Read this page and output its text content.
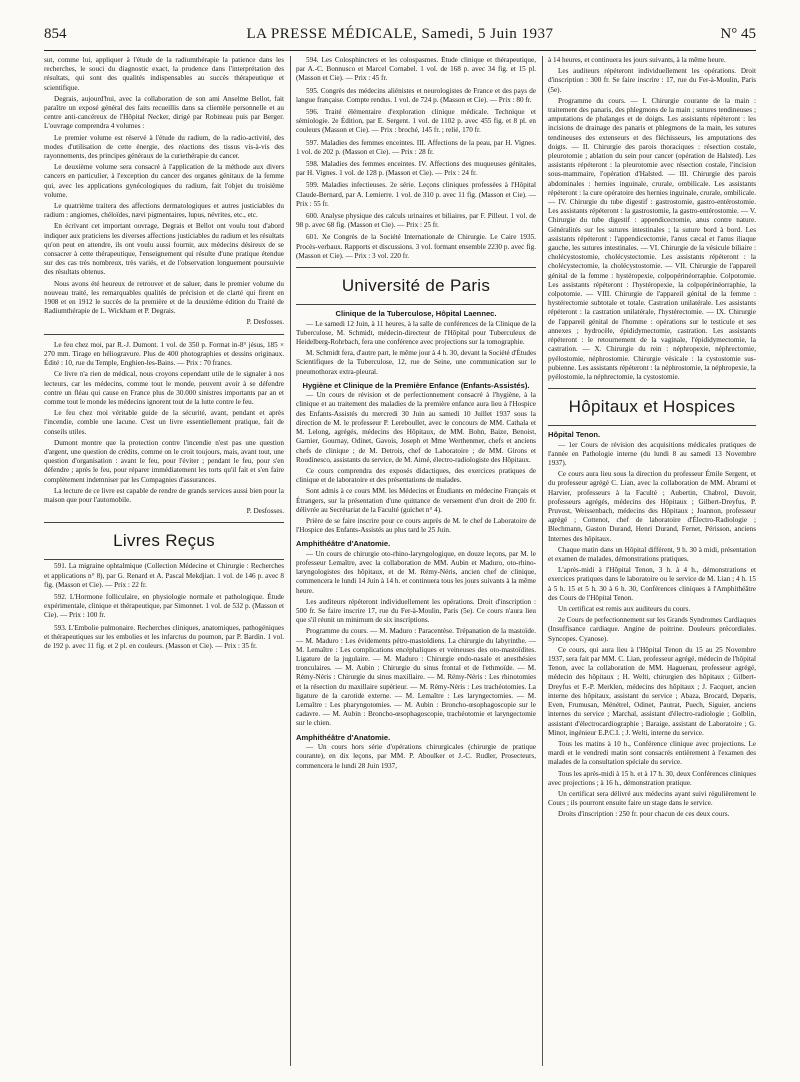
854	LA PRESSE MÉDICALE, Samedi, 5 Juin 1937	N° 45

sut, comme lui, appliquer à l'étude de la radiumthérapie la patience dans les recherches, le souci du diagnostic exact, la prudence dans l'interprétation des résultats, qui sont des qualités indispensables au succès thérapeutique et scientifique.

Degrais, aujourd'hui, avec la collaboration de son ami Anselme Bellot, fait paraître un exposé général des faits recueillis dans sa clientèle personnelle et au centre anti-cancéreux de l'Hôpital Necker, dirigé par Robineau puis par Berger. L'ouvrage comprendra 4 volumes :

Le premier volume est réservé à l'étude du radium, de la radio-activité, des modes d'utilisation de cette énergie, des réactions des tissus vis-à-vis des rayonnements, des principes généraux de la curiethérapie du cancer.

Le deuxième volume sera consacré à l'application de la méthode aux divers cancers en particulier, à l'exception du cancer des organes génitaux de la femme qui, avec les applications gynécologiques du radium, fait l'objet du troisième volume.

Le quatrième traitera des affections dermatologiques et autres justiciables du radium : angiomes, chéloïdes, nævi pigmentaires, lupus, névrites, etc., etc.

En écrivant cet important ouvrage, Degrais et Bellot ont voulu tout d'abord indiquer aux praticiens les diverses affections justiciables du radium et les résultats qu'on peut en attendre, ils ont voulu aussi fournir, aux médecins désireux de se consacrer à cette thérapeutique, l'enseignement qui résulte d'une pratique étendue sur des cas très nombreux, très variés, et de l'observation longuement poursuivie des résultats obtenus.

Nous avons été heureux de retrouver et de saluer, dans le premier volume du nouveau traité, les remarquables qualités de précision et de clarté qui firent en 1908 et en 1912 le succès de la première et de la deuxième édition du Traité de Radiumthérapie de L. Wickham et P. Degrais.

P. Desfosses.

Le feu chez moi, par R.-J. Dumont. 1 vol. de 350 p. Format in-8° jésus, 185 × 270 mm. Tirage en héliogravure. Plus de 400 photographies et dessins originaux. Édité : 10, rue du Temple, Enghien-les-Bains. — Prix : 70 francs.

Ce livre n'a rien de médical, nous croyons cependant utile de le signaler à nos lecteurs, car les médecins, comme tout le monde, peuvent avoir à se défendre contre un fléau qui cause en France plus de 30.000 sinistres importants par an et comme tout le monde les médecins ignorent tout de la lutte contre le feu.

Le feu chez moi véritable guide de la sécurité, avant, pendant et après l'incendie, comble une lacune. C'est un livre essentiellement pratique, fait de conseils utiles.

Dumont montre que la protection contre l'incendie n'est pas une question d'argent, une question de crédits, comme on le croit toujours, mais, avant tout, une question d'organisation : avant le feu, pour l'éviter ; pendant le feu, pour s'en défendre ; après le feu, pour réparer immédiatement les torts qu'il fait et s'en faire complètement indemniser par les Compagnies d'assurances.

La lecture de ce livre est capable de rendre de grands services aussi bien pour la maison que pour l'automobile.

P. Desfosses.

Livres Reçus

591. La migraine ophtalmique (Collection Médecine et Chirurgie : Recherches et applications n° 8), par G. Renard et A. Pascal Mekdjian. 1 vol. de 146 p. avec 8 fig. (Masson et Cie). — Prix : 22 fr.

592. L'Hormone folliculaire, en physiologie normale et pathologique. Étude expérimentale, clinique et thérapeutique, par Simonnet. 1 vol. de 532 p. (Masson et Cie). — Prix : 100 fr.

593. L'Embolie pulmonaire. Recherches cliniques, anatomiques, pathogéniques et thérapeutiques sur les embolies et les infarctus du poumon, par P. Bardin. 1 vol. de 192 p. avec 11 fig. et 2 pl. en couleurs. (Masson et Cie). — Prix : 35 fr.

594. Les Colosphincters et les colospasmes. Étude clinique et thérapeutique, par A.-C. Bonnusco et Marcel Cornabel. 1 vol. de 168 p. avec 34 fig. et 15 pl. (Masson et Cie). — Prix : 45 fr.

595. Congrès des médecins aliénistes et neurologistes de France et des pays de langue française. Compte rendus. 1 vol. de 724 p. (Masson et Cie). — Prix : 80 fr.

596. Traité élémentaire d'exploration clinique médicale. Technique et sémiologie. 2e Édition, par E. Sergent. 1 vol. de 1102 p. avec 455 fig. et 8 pl. en couleurs (Masson et Cie). — Prix : broché, 145 fr. ; relié, 170 fr.

597. Maladies des femmes enceintes. III. Affections de la peau, par H. Vignes. 1 vol. de 202 p. (Masson et Cie). — Prix : 28 fr.

598. Maladies des femmes enceintes. IV. Affections des muqueuses génitales, par H. Vignes. 1 vol. de 128 p. (Masson et Cie). — Prix : 24 fr.

599. Maladies infectieuses. 2e série. Leçons cliniques professées à l'Hôpital Claude-Bernard, par A. Lemierre. 1 vol. de 310 p. avec 11 fig. (Masson et Cie). — Prix : 55 fr.

600. Analyse physique des calculs urinaires et biliaires, par F. Pilleut. 1 vol. de 98 p. avec 68 fig. (Masson et Cie). — Prix : 25 fr.

601. Xe Congrès de la Société Internationale de Chirurgie. Le Caire 1935. Procès-verbaux. Rapports et discussions. 3 vol. formant ensemble 2230 p. avec fig. (Masson et Cie). — Prix : 3 vol. 220 fr.

Université de Paris
Clinique de la Tuberculose, Hôpital Laennec.

— Le samedi 12 Juin, à 11 heures, à la salle de conférences de la Clinique de la Tuberculose, M. Schmidt, médecin-directeur de l'Hôpital pour Tuberculeux de Heidelberg-Rohrbach, fera une conférence avec projections sur la tomographie.

M. Schmidt fera, d'autre part, le même jour à 4 h. 30, devant la Société d'Études Scientifiques de la Tuberculose, 12, rue de Seine, une communication sur le pneumothorax extra-pleural.

Hygiène et Clinique de la Première Enfance (Enfants-Assistés).

— Un cours de révision et de perfectionnement consacré à l'hygiène, à la clinique et au traitement des maladies de la première enfance aura lieu à l'Hospice des Enfants-Assistés du mercredi 30 Juin au samedi 10 Juillet 1937 sous la direction de M. le professeur P. Lereboullet, avec le concours de MM. Cathala et M. Lelong, agrégés, médecins des Hôpitaux, de MM. Bohn, Baize, Benoist, Garnier, Gournay, Odinet, Gavois, Joseph et Mme Werthenmer, chefs et anciens chefs de clinique ; de M. Detrois, chef de Laboratoire ; de MM. Girons et Roudinesco, assistants du service, de M. Aimé, électro-radiologiste des Hôpitaux.

Ce cours comprendra des exposés didactiques, des exercices pratiques de clinique et de laboratoire et des présentations de malades.

Sont admis à ce cours MM. les Médecins et Étudiants en médecine Français et Étrangers, sur la présentation d'une quittance de versement d'un droit de 200 fr. délivrée au Secrétariat de la Faculté (guichet n° 4).

Prière de se faire inscrire pour ce cours auprès de M. le chef de Laboratoire de l'Hospice des Enfants-Assistés au plus tard le 25 Juin.

Amphithéâtre d'Anatomie.

— Un cours de chirurgie oto-rhino-laryngologique, en douze leçons, par M. le professeur Lemaître, avec la collaboration de MM. Aubin et Maduro, oto-rhino-laryngologistes des hôpitaux, et de M. Rémy-Néris, ancien chef de clinique, commencera le lundi 14 Juin à 14 h. et continuera tous les jours suivants à la même heure.

Les auditeurs répéteront individuellement les opérations. Droit d'inscription : 500 fr. Se faire inscrire 17, rue du Fer-à-Moulin, Paris (5e). Ce cours n'aura lieu que s'il réunit un minimum de six inscriptions.

Programme du cours. — M. Maduro : Paracentèse. Trépanation de la mastoïde. — M. Maduro : Les évidements pétro-mastoïdiens. La chirurgie du labyrinthe. — M. Lemaître : Les complications encéphaliques et veineuses des oto-mastoïdites. Ligature de la jugulaire. — M. Maduro : Chirurgie endo-nasale et anesthésies tronculaires. — M. Aubin : Chirurgie du sinus frontal et de l'ethmoïde. — M. Rémy-Néris : Chirurgie du sinus maxillaire. — M. Rémy-Néris : Les rhinotomies et la résection du maxillaire supérieur. — M. Rémy-Néris : Les trachéotomies. La ligature de la carotide externe. — M. Lemaître : Les laryngectomies. — M. Lemaître : Les pharyngotomies. — M. Aubin : Broncho-œsophagoscopie sur le cadavre. — M. Aubin : Broncho-œsophagoscopie, trachéotomie et laryngectomie sur le chien.

Amphithéâtre d'Anatomie.

— Un cours hors série d'opérations chirurgicales (chirurgie de pratique courante), en dix leçons, par MM. P. Aboulker et J.-C. Rudler, Prosecteurs, commencera le lundi 28 Juin 1937,

à 14 heures, et continuera les jours suivants, à la même heure.

Les auditeurs répéteront individuellement les opérations. Droit d'inscription : 300 fr. Se faire inscrire : 17, rue du Fer-à-Moulin, Paris (5e).

Programme du cours. — I. Chirurgie courante de la main : traitement des panaris, des phlegmons de la main ; sutures tendineuses ; amputations de phalanges et de doigts. Les assistants répéteront : les incisions de drainage des panaris et phlegmons de la main, les sutures tendineuses des extenseurs et des fléchisseurs, les amputations des doigts. — II. Chirurgie des parois thoraciques : résection costale, pleurotomie ; ablation du sein pour cancer (opération de Halsted). Les assistants répéteront : la pleurotomie avec résection costale, l'incision sous-mammaire, l'opération d'Halsted. — III. Chirurgie des parois abdominales : hernies inguinale, crurale, ombilicale. Les assistants répéteront : la cure opératoire des hernies inguinale, crurale, ombilicale. — IV. Chirurgie du tube digestif : gastrostomie, gastro-entérostomie. Les assistants répéteront : la gastrostomie, la gastro-entérostomie. — V. Chirurgie du tube digestif : appendicectomie, anus contre nature. Généralités sur les sutures intestinales ; la suture bord à bord. Les assistants répéteront : l'appendicectomie, l'anus cæcal et l'anus iliaque gauche, les sutures intestinales. — VI. Chirurgie de la vésicule biliaire : cholécystostomie, cholécystectomie. Les assistants répéteront : la cholécystectomie, la cholécystostomie. — VII. Chirurgie de l'appareil génital de la femme : hystéropexie, colpopérinéorraphie. Colpotomie. Les assistants répéteront : l'hystéropexie, la colpopérinéorraphie, la colpotomie. — VIII. Chirurgie de l'appareil génital de la femme : hystérectomie subtotale et totale. Castration unilatérale. Les assistants répéteront : la castration unilatérale, l'hystérectomie. — IX. Chirurgie de l'appareil génital de l'homme : opérations sur le testicule et ses annexes ; hydrocèle, épididymectomie, castration. Les assistants répéteront : le retournement de la vaginale, l'épididymectomie, la castration. — X. Chirurgie du rein : néphropexie, néphrectomie, pyélostomie, néphrostomie. Chirurgie vésicale : la cystostomie sus-pubienne. Les assistants répéteront : la néphrostomie, la néphropexie, la pyélostomie, la néphrectomie, la cystostomie.

Hôpitaux et Hospices
Hôpital Tenon.

— 1er Cours de révision des acquisitions médicales pratiques de l'année en Pathologie interne (du lundi 8 au samedi 13 Novembre 1937).

Ce cours aura lieu sous la direction du professeur Émile Sergent, et du professeur agrégé C. Lian, avec la collaboration de MM. Abrami et Harvier, professeurs à la Faculté ; Aubertin, Chabrol, Duvoir, professeurs agrégés, médecins des Hôpitaux ; Gilbert-Dreyfus, P. Pruvost, Weissenbach, médecins des Hôpitaux ; Joannon, professeur agrégé ; Cottenot, chef de laboratoire d'Électro-Radiologie ; Blechmann, Gaston Durand, Henri Durand, Fernet, Périsson, anciens Internes des hôpitaux.

Chaque matin dans un Hôpital différent, 9 h. 30 à midi, présentation et examen de malades, démonstrations pratiques.

L'après-midi à l'Hôpital Tenon, 3 h. à 4 h., démonstrations et exercices pratiques dans le laboratoire ou le service de M. Lian ; 4 h. 15 à 5 h. 15 et 5 h. 30 à 6 h. 30, Conférences cliniques à l'Amphithéâtre des Cours de l'Hôpital Tenon.

Un certificat est remis aux auditeurs du cours.

2e Cours de perfectionnement sur les Grands Syndromes Cardiaques (Insuffisance cardiaque. Angine de poitrine. Douleurs précordiales. Syncopes. Cyanose).

Ce cours, qui aura lieu à l'Hôpital Tenon du 15 au 25 Novembre 1937, sera fait par MM. C. Lian, professeur agrégé, médecin de l'hôpital Tenon, avec la collaboration de MM. Haguenau, professeur agrégé, médecin des hôpitaux ; H. Welti, chirurgien des hôpitaux ; Gilbert-Dreyfus et F.-P. Merklen, médecins des hôpitaux ; J. Facquet, ancien interne des hôpitaux, assistant du service ; Abaza, Brocard, Deparis, Even, Frumusan, Ménétrel, Odinet, Pautrat, Puech, Siguier, anciens internes du service ; Marchal, assistant d'électro-radiologie ; Golblin, assistant d'électrocardiographie ; Baraige, assistant de Laboratoire ; G. Minot, ingénieur E.P.C.I. ; J. Welti, interne du service.

Tous les matins à 10 h., Conférence clinique avec projections. Le mardi et le vendredi matin sont consacrés entièrement à l'examen des malades de la consultation spéciale du service.

Tous les après-midi à 15 h. et à 17 h. 30, deux Conférences cliniques avec projections ; à 16 h., démonstration pratique.

Un certificat sera délivré aux médecins ayant suivi régulièrement le Cours ; ils pourront ensuite faire un stage dans le service.

Droits d'inscription : 250 fr. pour chacun de ces deux cours.
